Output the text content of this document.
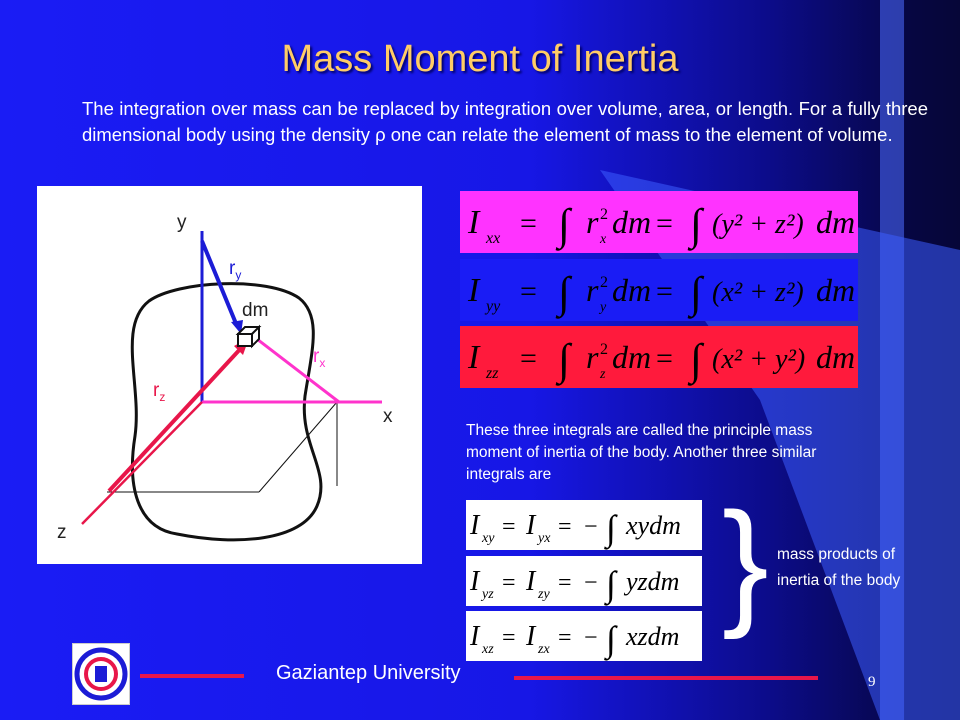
Mass Moment of Inertia
The integration over mass can be replaced by integration over volume, area, or length. For a fully three dimensional body using the density ρ one can relate the element of mass to the element of volume.
y
x
z
dm
$r_y$
$r_x$
$r_z$
I xx = ∫ r x
2 dm = ∫ (y² + z²) dm
I yy = ∫ r y
2 dm = ∫ (x² + z²) dm
I zz = ∫ r z
2 dm = ∫ (x² + y²) dm
These three integrals are called the principle mass moment of inertia of the body. Another three similar integrals are
I xy = I yx = − ∫ xydm
I yz = I zy = − ∫ yzdm
I xz = I zx = − ∫ xzdm } mass products of inertia of the body
Gaziantep University	9
